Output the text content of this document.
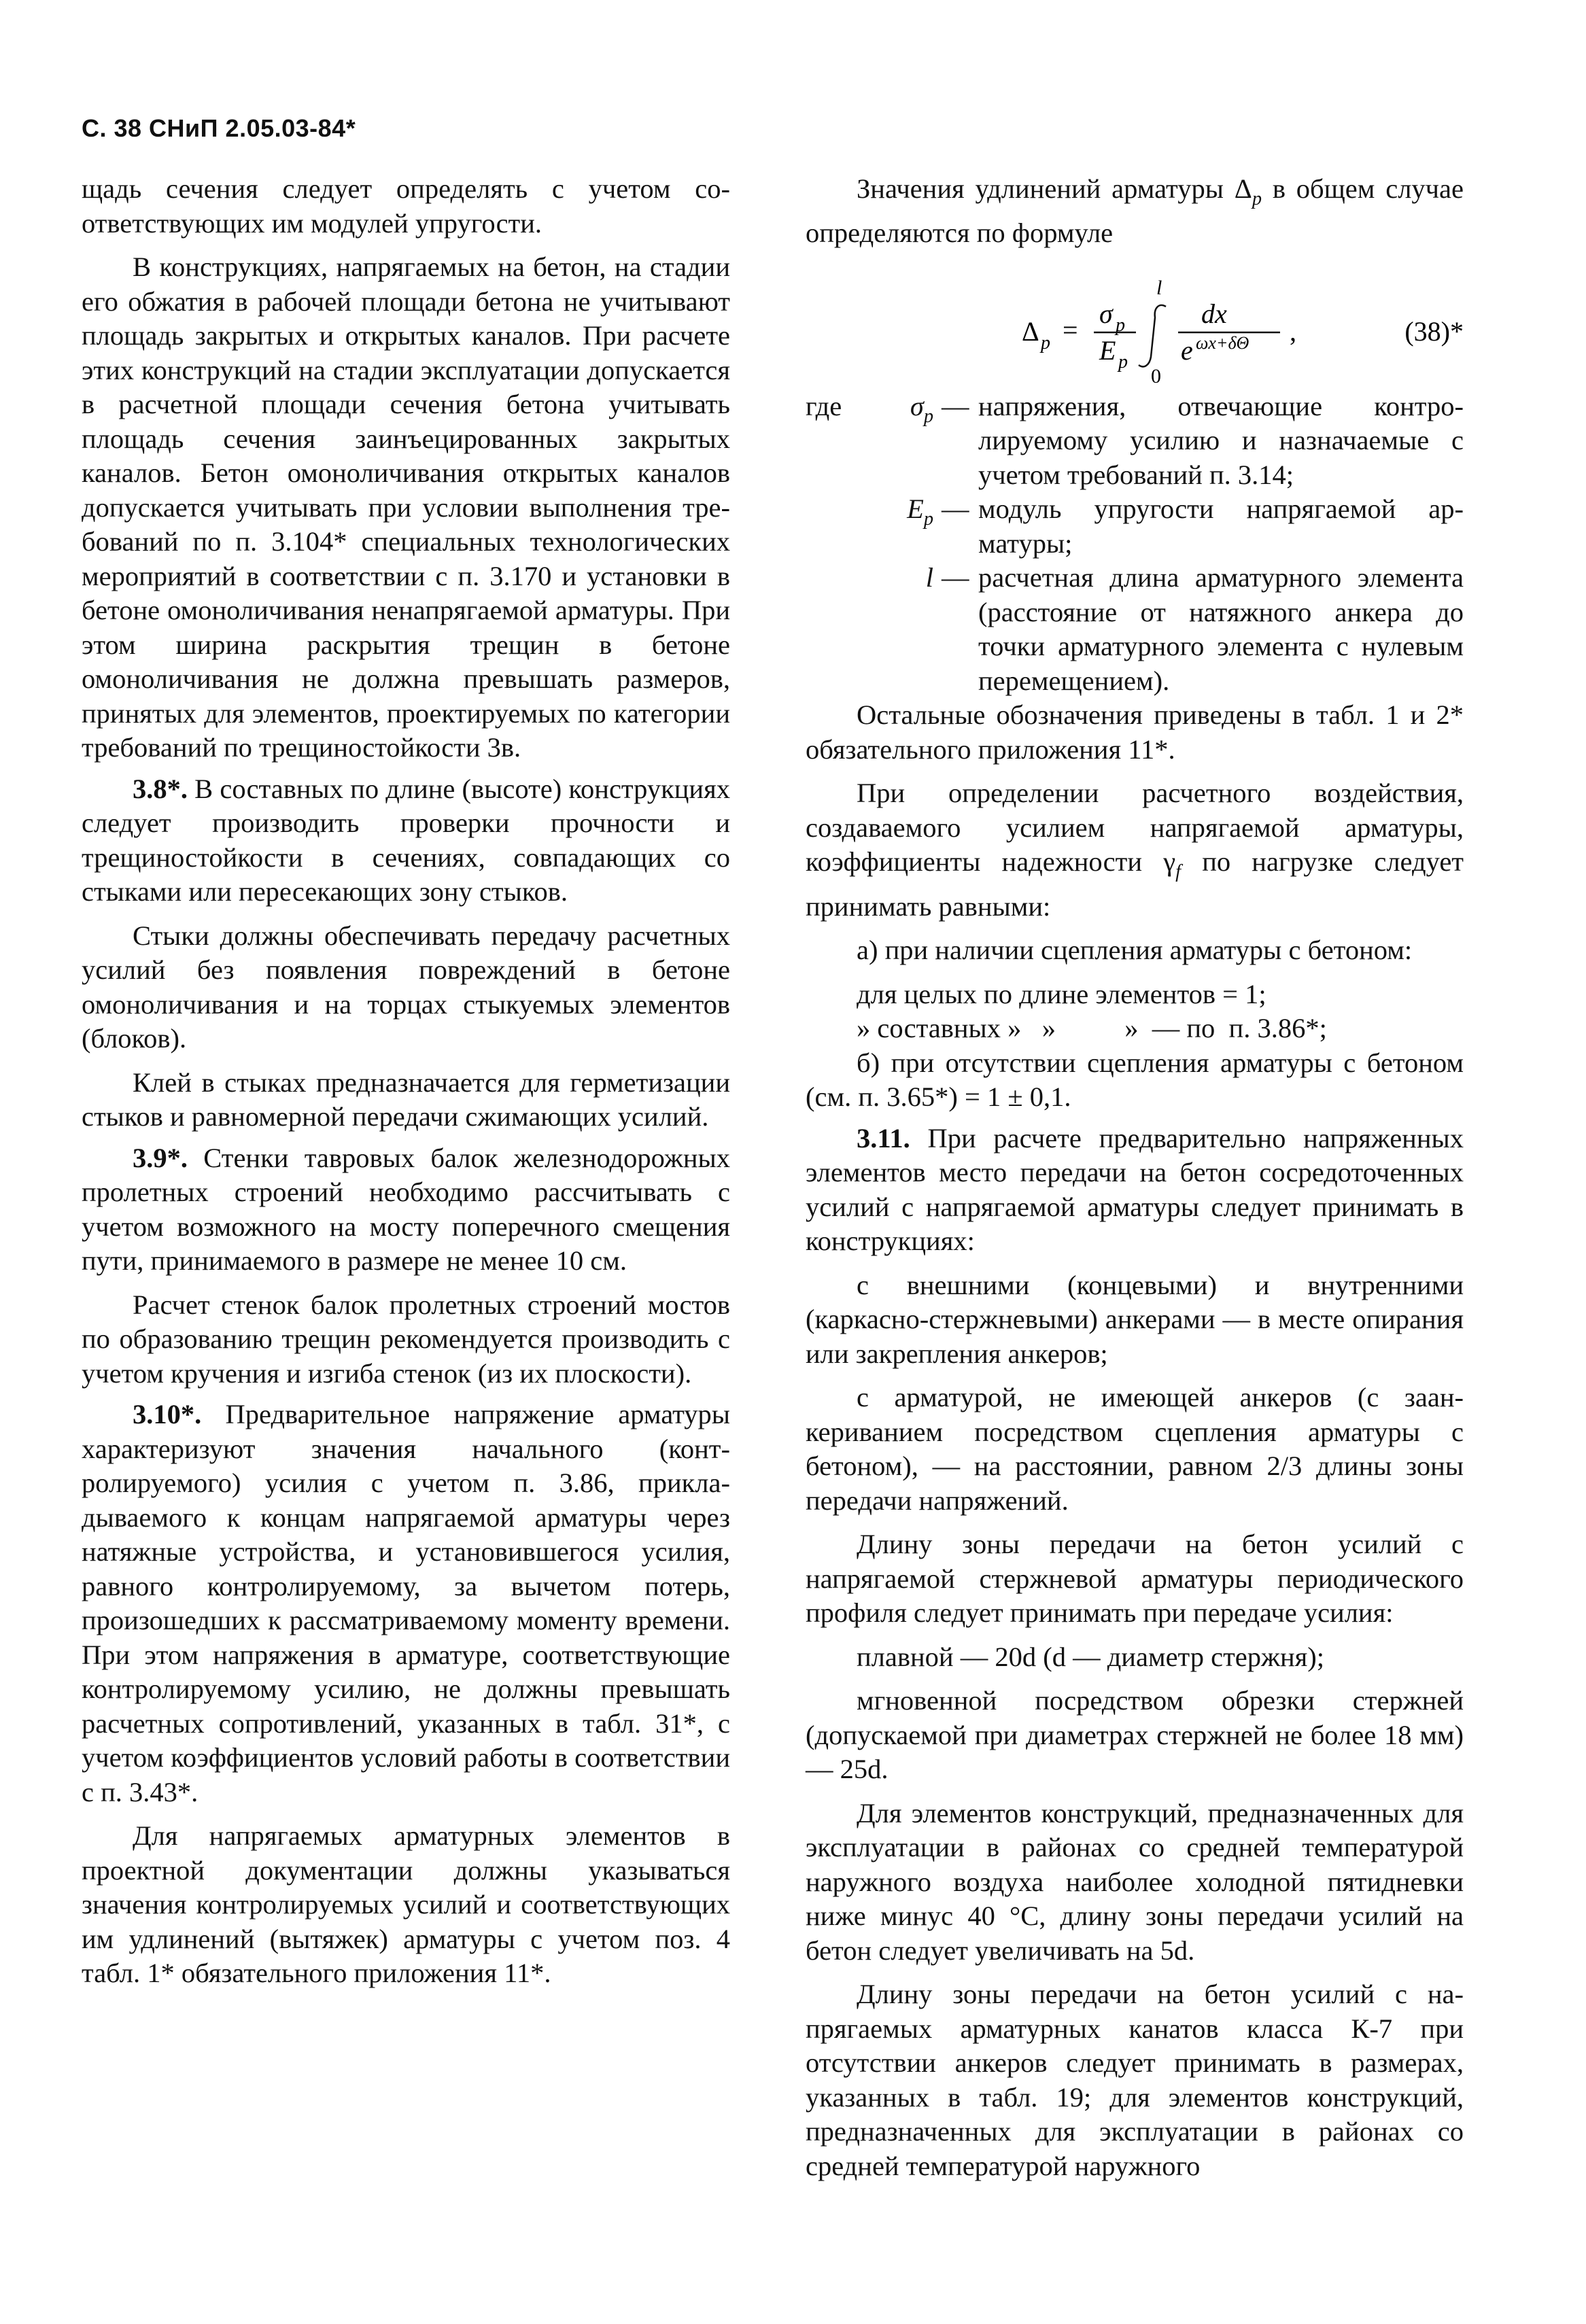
С. 38 СНиП 2.05.03-84*

щадь сечения следует определять с учетом соответствующих им модулей упругости.

В конструкциях, напрягаемых на бетон, на стадии его обжатия в рабочей площади бетона не учитывают площадь закрытых и открытых каналов. При расчете этих конструкций на стадии эксплуатации допускается в расчетной площади сечения бетона учитывать площадь сечения заинъецированных закрытых каналов. Бетон омоноличивания открытых каналов допускается учитывать при условии выполнения требований по п. 3.104* специальных технологических мероприятий в соответствии с п. 3.170 и установки в бетоне омоноличивания ненапрягаемой арматуры. При этом ширина раскрытия трещин в бетоне омоноличивания не должна превышать размеров, принятых для элементов, проектируемых по категории требований по трещиностойкости 3в.

3.8*. В составных по длине (высоте) конструкциях следует производить проверки прочности и трещиностойкости в сечениях, совпадающих со стыками или пересекающих зону стыков.

Стыки должны обеспечивать передачу расчетных усилий без появления повреждений в бетоне омоноличивания и на торцах стыкуемых элементов (блоков).

Клей в стыках предназначается для герметизации стыков и равномерной передачи сжимающих усилий.

3.9*. Стенки тавровых балок железнодорожных пролетных строений необходимо рассчитывать с учетом возможного на мосту поперечного смещения пути, принимаемого в размере не менее 10 см.

Расчет стенок балок пролетных строений мостов по образованию трещин рекомендуется производить с учетом кручения и изгиба стенок (из их плоскости).

3.10*. Предварительное напряжение арматуры характеризуют значения начального (контролируемого) усилия с учетом п. 3.86, прикладываемого к концам напрягаемой арматуры через натяжные устройства, и установившегося усилия, равного контролируемому, за вычетом потерь, произошедших к рассматриваемому моменту времени. При этом напряжения в арматуре, соответствующие контролируемому усилию, не должны превышать расчетных сопротивлений, указанных в табл. 31*, с учетом коэффициентов условий работы в соответствии с п. 3.43*.

Для напрягаемых арматурных элементов в проектной документации должны указываться значения контролируемых усилий и соответствующих им удлинений (вытяжек) арматуры с учетом поз. 4 табл. 1* обязательного приложения 11*.

Значения удлинений арматуры $\Delta_p$ в общем случае определяются по формуле

Δ p =
σ p
E p
l
0
dx
e ωx+δΘ ,	(38)*
где	$\sigma_p$ — напряжения, отвечающие контролируемому усилию и назначаемые с учетом требований п. 3.14;
$E_p$ — модуль упругости напрягаемой арматуры;
l — расчетная длина арматурного элемента (расстояние от натяжного анкера до точки арматурного элемента с нулевым перемещением).

Остальные обозначения приведены в табл. 1 и 2* обязательного приложения 11*.

При определении расчетного воздействия, создаваемого усилием напрягаемой арматуры, коэффициенты надежности $\gamma_f$ по нагрузке следует принимать равными:

а) при наличии сцепления арматуры с бетоном:

для целых по длине элементов = 1;

» составных »   »          »  — по  п. 3.86*;

б) при отсутствии сцепления арматуры с бетоном (см. п. 3.65*) = 1 ± 0,1.

3.11. При расчете предварительно напряженных элементов место передачи на бетон сосредоточенных усилий с напрягаемой арматуры следует принимать в конструкциях:

с внешними (концевыми) и внутренними (каркасно-стержневыми) анкерами — в месте опирания или закрепления анкеров;

с арматурой, не имеющей анкеров (с заанкериванием посредством сцепления арматуры с бетоном), — на расстоянии, равном 2/3 длины зоны передачи напряжений.

Длину зоны передачи на бетон усилий с напрягаемой стержневой арматуры периодического профиля следует принимать при передаче усилия:

плавной — 20d (d — диаметр стержня);

мгновенной посредством обрезки стержней (допускаемой при диаметрах стержней не более 18 мм) — 25d.

Для элементов конструкций, предназначенных для эксплуатации в районах со средней температурой наружного воздуха наиболее холодной пятидневки ниже минус 40 °С, длину зоны передачи усилий на бетон следует увеличивать на 5d.

Длину зоны передачи на бетон усилий с напрягаемых арматурных канатов класса К-7 при отсутствии анкеров следует принимать в размерах, указанных в табл. 19; для элементов конструкций, предназначенных для эксплуатации в районах со средней температурой наружного
